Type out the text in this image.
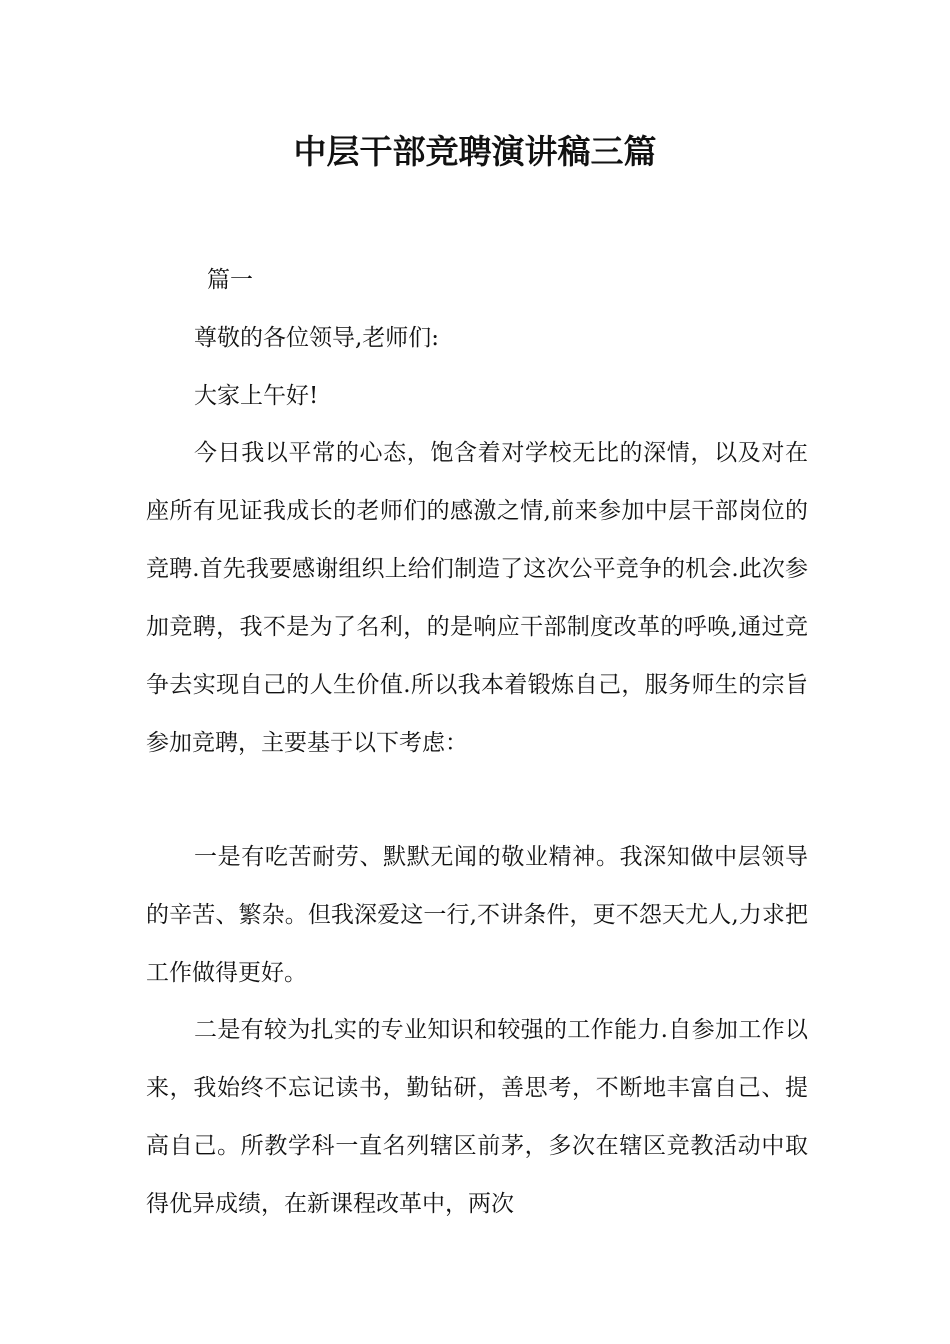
中层干部竞聘演讲稿三篇
篇一
尊敬的各位领导,老师们:
大家上午好!

今日我以平常的心态，饱含着对学校无比的深情，以及对在座所有见证我成长的老师们的感激之情,前来参加中层干部岗位的竞聘.首先我要感谢组织上给们制造了这次公平竞争的机会.此次参加竞聘，我不是为了名利，的是响应干部制度改革的呼唤,通过竞争去实现自己的人生价值.所以我本着锻炼自己，服务师生的宗旨参加竞聘，主要基于以下考虑：

一是有吃苦耐劳、默默无闻的敬业精神。我深知做中层领导的辛苦、繁杂。但我深爱这一行,不讲条件，更不怨天尤人,力求把工作做得更好。

二是有较为扎实的专业知识和较强的工作能力.自参加工作以来，我始终不忘记读书，勤钻研，善思考，不断地丰富自己、提高自己。所教学科一直名列辖区前茅，多次在辖区竞教活动中取得优异成绩，在新课程改革中，两次
